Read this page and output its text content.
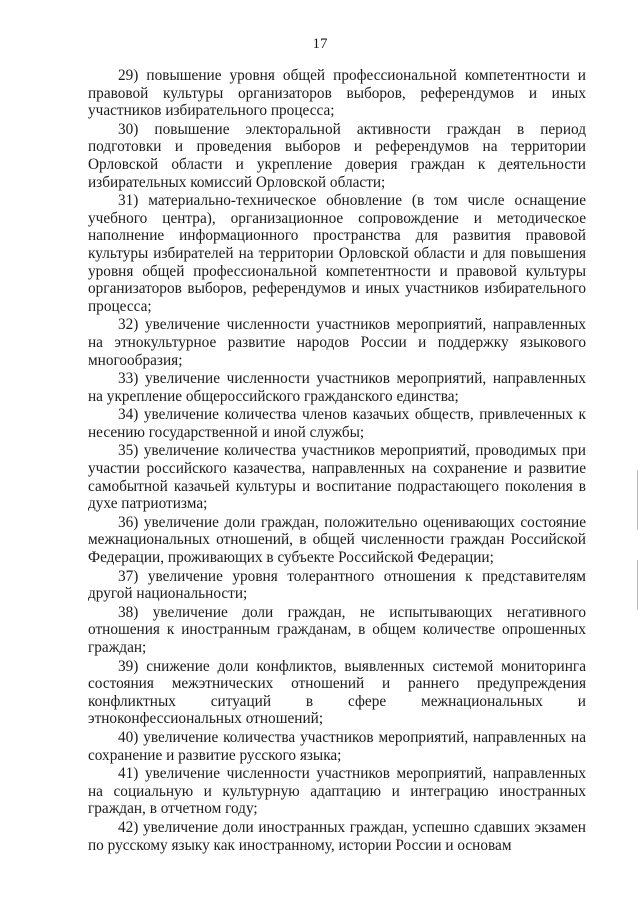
17

29) повышение уровня общей профессиональной компетентности и правовой культуры организаторов выборов, референдумов и иных участников избирательного процесса;

30) повышение электоральной активности граждан в период подготовки и проведения выборов и референдумов на территории Орловской области и укрепление доверия граждан к деятельности избирательных комиссий Орловской области;

31) материально-техническое обновление (в том числе оснащение учебного центра), организационное сопровождение и методическое наполнение информационного пространства для развития правовой культуры избирателей на территории Орловской области и для повышения уровня общей профессиональной компетентности и правовой культуры организаторов выборов, референдумов и иных участников избирательного процесса;

32) увеличение численности участников мероприятий, направленных на этнокультурное развитие народов России и поддержку языкового многообразия;

33) увеличение численности участников мероприятий, направленных на укрепление общероссийского гражданского единства;

34) увеличение количества членов казачьих обществ, привлеченных к несению государственной и иной службы;

35) увеличение количества участников мероприятий, проводимых при участии российского казачества, направленных на сохранение и развитие самобытной казачьей культуры и воспитание подрастающего поколения в духе патриотизма;

36) увеличение доли граждан, положительно оценивающих состояние межнациональных отношений, в общей численности граждан Российской Федерации, проживающих в субъекте Российской Федерации;

37) увеличение уровня толерантного отношения к представителям другой национальности;

38) увеличение доли граждан, не испытывающих негативного отношения к иностранным гражданам, в общем количестве опрошенных граждан;

39) снижение доли конфликтов, выявленных системой мониторинга состояния межэтнических отношений и раннего предупреждения конфликтных ситуаций в сфере межнациональных и этноконфессиональных отношений;

40) увеличение количества участников мероприятий, направленных на сохранение и развитие русского языка;

41) увеличение численности участников мероприятий, направленных на социальную и культурную адаптацию и интеграцию иностранных граждан, в отчетном году;

42) увеличение доли иностранных граждан, успешно сдавших экзамен по русскому языку как иностранному, истории России и основам
